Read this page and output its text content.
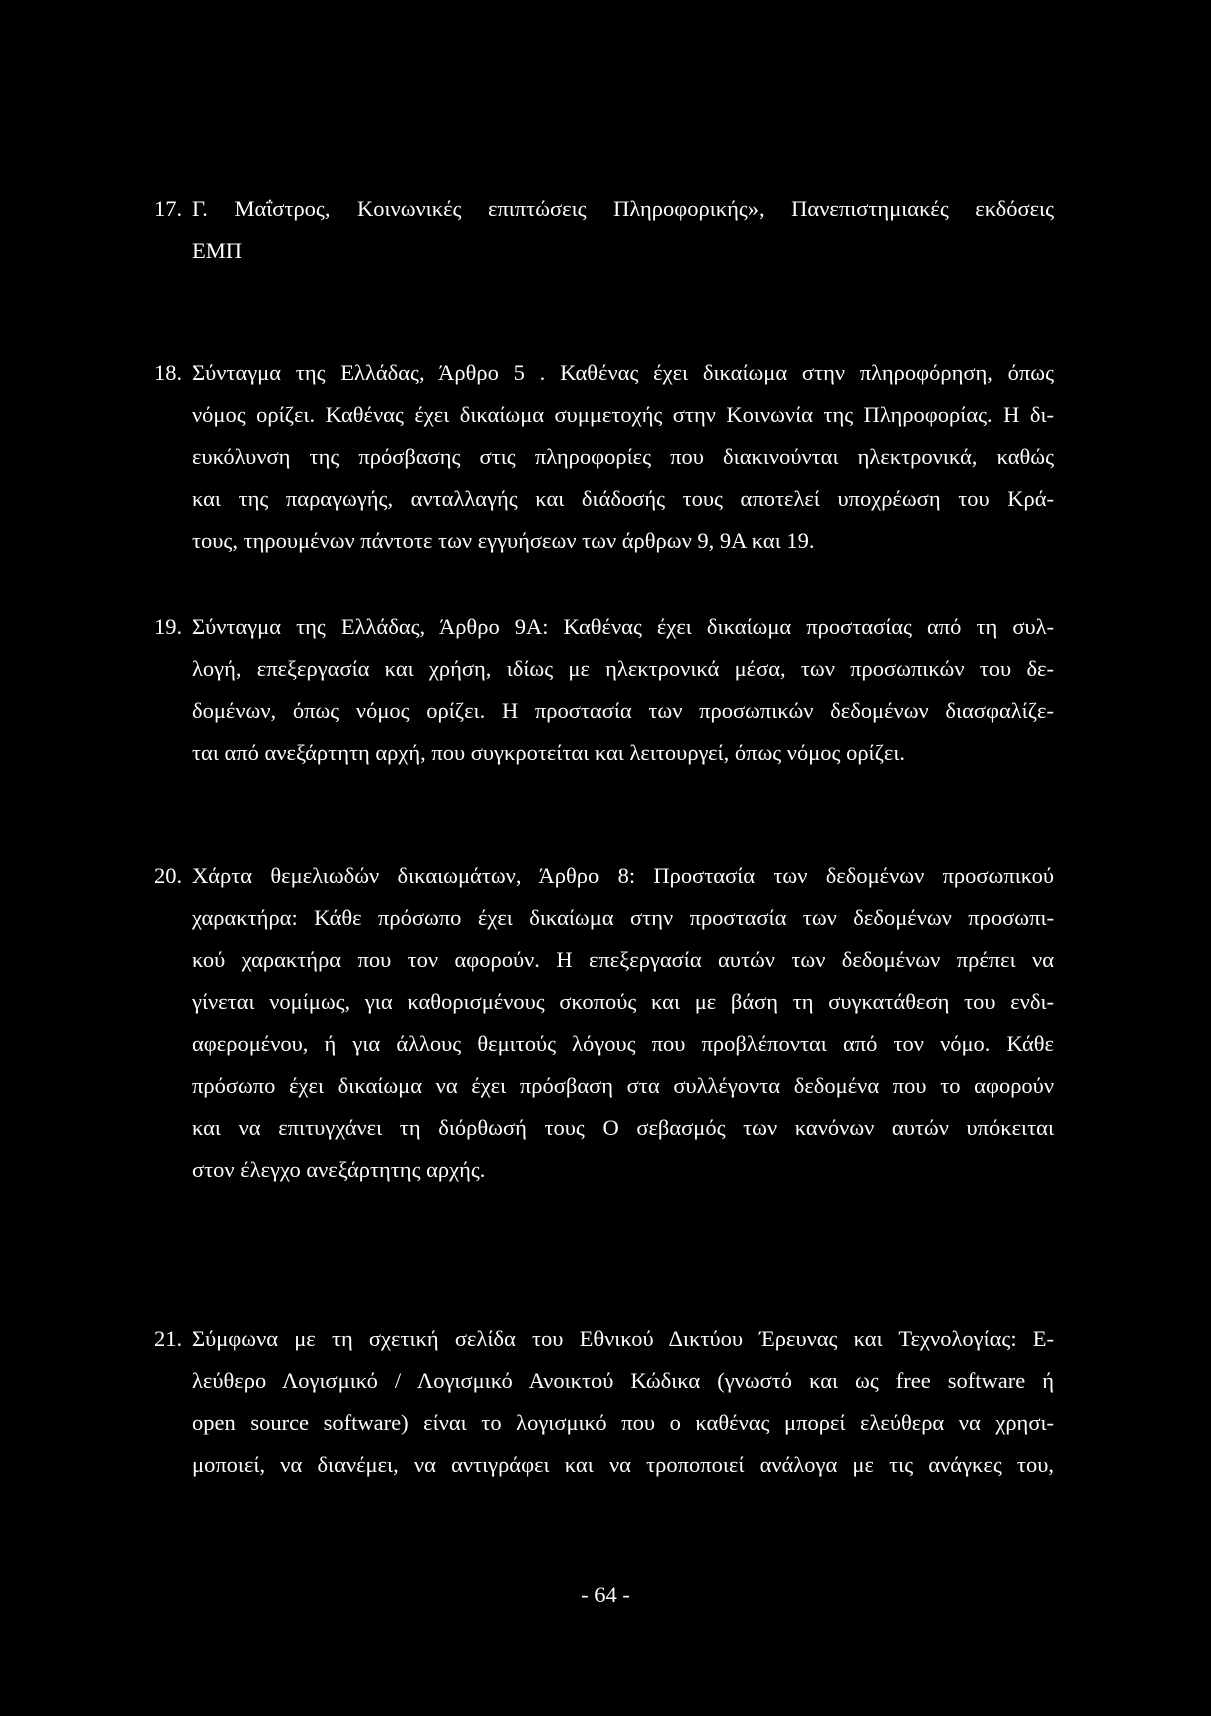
17. Γ. Μαΐστρος, Κοινωνικές επιπτώσεις Πληροφορικής», Πανεπιστημιακές εκδόσεις
ΕΜΠ
18. Σύνταγμα της Ελλάδας, Άρθρο 5 . Καθένας έχει δικαίωμα στην πληροφόρηση, όπως
νόμος ορίζει. Καθένας έχει δικαίωμα συμμετοχής στην Κοινωνία της Πληροφορίας. Η δι-
ευκόλυνση της πρόσβασης στις πληροφορίες που διακινούνται ηλεκτρονικά, καθώς
και της παραγωγής, ανταλλαγής και διάδοσής τους αποτελεί υποχρέωση του Κρά-
τους, τηρουμένων πάντοτε των εγγυήσεων των άρθρων 9, 9Α και 19.
19. Σύνταγμα της Ελλάδας, Άρθρο 9Α: Καθένας έχει δικαίωμα προστασίας από τη συλ-
λογή, επεξεργασία και χρήση, ιδίως με ηλεκτρονικά μέσα, των προσωπικών του δε-
δομένων, όπως νόμος ορίζει. Η προστασία των προσωπικών δεδομένων διασφαλίζε-
ται από ανεξάρτητη αρχή, που συγκροτείται και λειτουργεί, όπως νόμος ορίζει.
20. Χάρτα θεμελιωδών δικαιωμάτων, Άρθρο 8: Προστασία των δεδομένων προσωπικού
χαρακτήρα: Κάθε πρόσωπο έχει δικαίωμα στην προστασία των δεδομένων προσωπι-
κού χαρακτήρα που τον αφορούν. Η επεξεργασία αυτών των δεδομένων πρέπει να
γίνεται νομίμως, για καθορισμένους σκοπούς και με βάση τη συγκατάθεση του ενδι-
αφερομένου, ή για άλλους θεμιτούς λόγους που προβλέπονται από τον νόμο. Κάθε
πρόσωπο έχει δικαίωμα να έχει πρόσβαση στα συλλέγοντα δεδομένα που το αφορούν
και να επιτυγχάνει τη διόρθωσή τους Ο σεβασμός των κανόνων αυτών υπόκειται
στον έλεγχο ανεξάρτητης αρχής.
21. Σύμφωνα με τη σχετική σελίδα του Εθνικού Δικτύου Έρευνας και Τεχνολογίας: Ε-
λεύθερο Λογισμικό / Λογισμικό Ανοικτού Κώδικα (γνωστό και ως free software ή
open source software) είναι το λογισμικό που ο καθένας μπορεί ελεύθερα να χρησι-
μοποιεί, να διανέμει, να αντιγράφει και να τροποποιεί ανάλογα με τις ανάγκες του,
- 64 -
